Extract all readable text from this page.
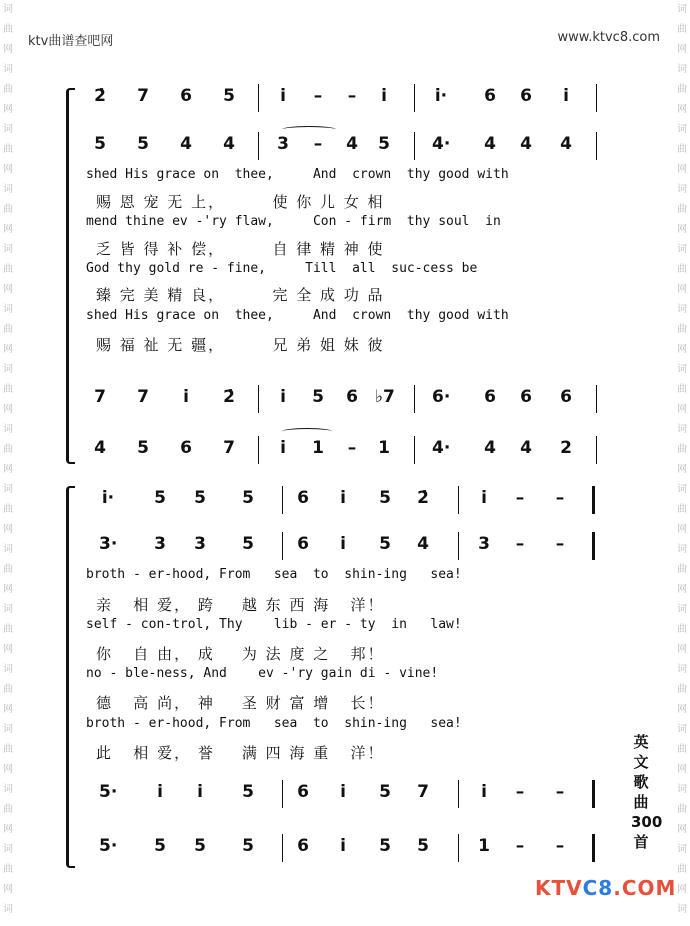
词
曲
网
词
曲
网
词
曲
网
词
曲
网
词
曲
网
词
曲
网
词
曲
网
词
曲
网
词
曲
网
词
曲
网
词
曲
网
词
曲
网
词
曲
网
词
曲
网
词
曲
网
词

词
曲
网
词
曲
网
词
曲
网
词
曲
网
词
曲
网
词
曲
网
词
曲
网
词
曲
网
词
曲
网
词
曲
网
词
曲
网
词
曲
网
词
曲
网
词
曲
网
词
曲
网
词

ktv曲谱查吧网	www.ktvc8.com
2̇ 7 6 5	i	– –	i	i· 6 6	i
5 5 4 4 3 – 4 5 4· 4 4 4
7 7	i	2̇	i	5 6 ♭7 6· 6 6 6
4 5 6 7	i	1 – 1 4· 4 4 2
i· 5 5 5	6	i	5 2̇	i	– –
3· 3 3 5	6	i	5 4	3 – –
5·	i	i	5	6	i	5 7	i	– –
5· 5 5 5	6	i	5 5	1 – –
shed His grace on  thee,     And  crown  thy good with
赐 恩 宠 无 上，       使 你 儿 女 相
mend thine ev -'ry flaw,     Con - firm  thy soul  in
乏 皆 得 补 偿，       自 律 精 神 使
God thy gold re - fine,     Till  all  suc-cess be
臻 完 美 精 良，       完 全 成 功 品
shed His grace on  thee,     And  crown  thy good with
赐 福 祉 无 疆，       兄 弟 姐 妹 彼
broth - er-hood, From   sea  to  shin-ing   sea!
亲   相 爱， 跨    越 东 西 海   洋！
self - con-trol, Thy    lib - er - ty  in   law!
你   自 由， 成    为 法 度 之   邦！
no - ble-ness, And    ev -'ry gain di - vine!
德   高 尚， 神    圣 财 富 增   长！
broth - er-hood, From   sea  to  shin-ing   sea!
此   相 爱， 誉    满 四 海 重   洋！
英文歌曲300首
KTVC8.COM
